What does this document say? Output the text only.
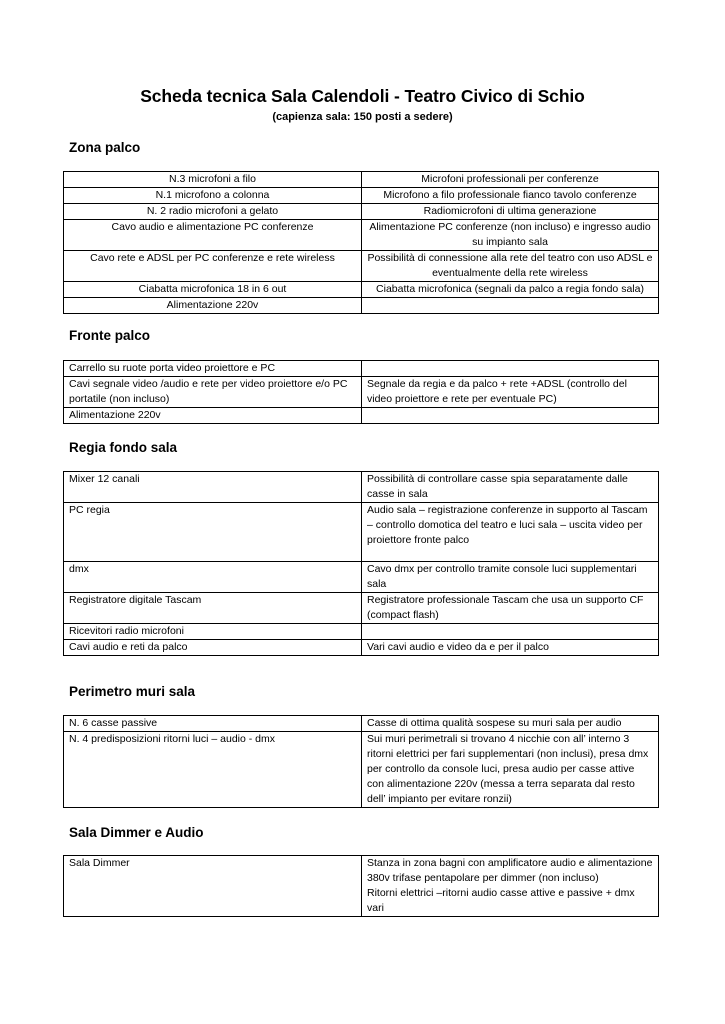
Scheda tecnica Sala Calendoli - Teatro Civico di Schio
(capienza sala: 150 posti a sedere)
Zona palco
N.3 microfoni a filo	Microfoni professionali per conferenze
N.1 microfono a colonna	Microfono a filo professionale fianco tavolo conferenze
N. 2 radio microfoni a gelato	Radiomicrofoni di ultima generazione
Cavo audio e alimentazione PC conferenze	Alimentazione PC conferenze (non incluso) e ingresso audio su impianto sala
Cavo rete e ADSL per PC conferenze e rete wireless	Possibilità di connessione alla rete del teatro con uso ADSL e eventualmente della rete wireless
Ciabatta microfonica 18 in 6 out	Ciabatta microfonica (segnali da palco a regia fondo sala)
Alimentazione 220v	
Fronte palco
Carrello su ruote porta video proiettore e PC	
Cavi segnale video /audio e rete per video proiettore e/o PC portatile (non incluso)	Segnale da regia e da palco + rete +ADSL (controllo del video proiettore e rete per eventuale PC)
Alimentazione 220v	
Regia fondo sala
Mixer 12 canali	Possibilità di controllare casse spia separatamente dalle casse in sala
PC regia	Audio sala – registrazione conferenze in supporto al Tascam – controllo domotica del teatro e luci sala – uscita video per proiettore fronte palco
dmx	Cavo dmx per controllo tramite console luci supplementari sala
Registratore digitale Tascam	Registratore professionale Tascam che usa un supporto CF (compact flash)
Ricevitori radio microfoni	
Cavi audio e reti da palco	Vari cavi audio e video da e per il palco
Perimetro muri sala
N. 6 casse passive	Casse di ottima qualità sospese su muri sala per audio
N. 4 predisposizioni ritorni luci – audio - dmx	Sui muri perimetrali si trovano 4 nicchie con all’ interno 3 ritorni elettrici per fari supplementari (non inclusi), presa dmx per controllo da console luci, presa audio per casse attive con alimentazione 220v (messa a terra separata dal resto dell’ impianto per evitare ronzii)
Sala Dimmer e Audio
Sala Dimmer	Stanza in zona bagni con amplificatore audio e alimentazione 380v trifase pentapolare per dimmer (non incluso)
Ritorni elettrici –ritorni audio casse attive e passive + dmx vari
